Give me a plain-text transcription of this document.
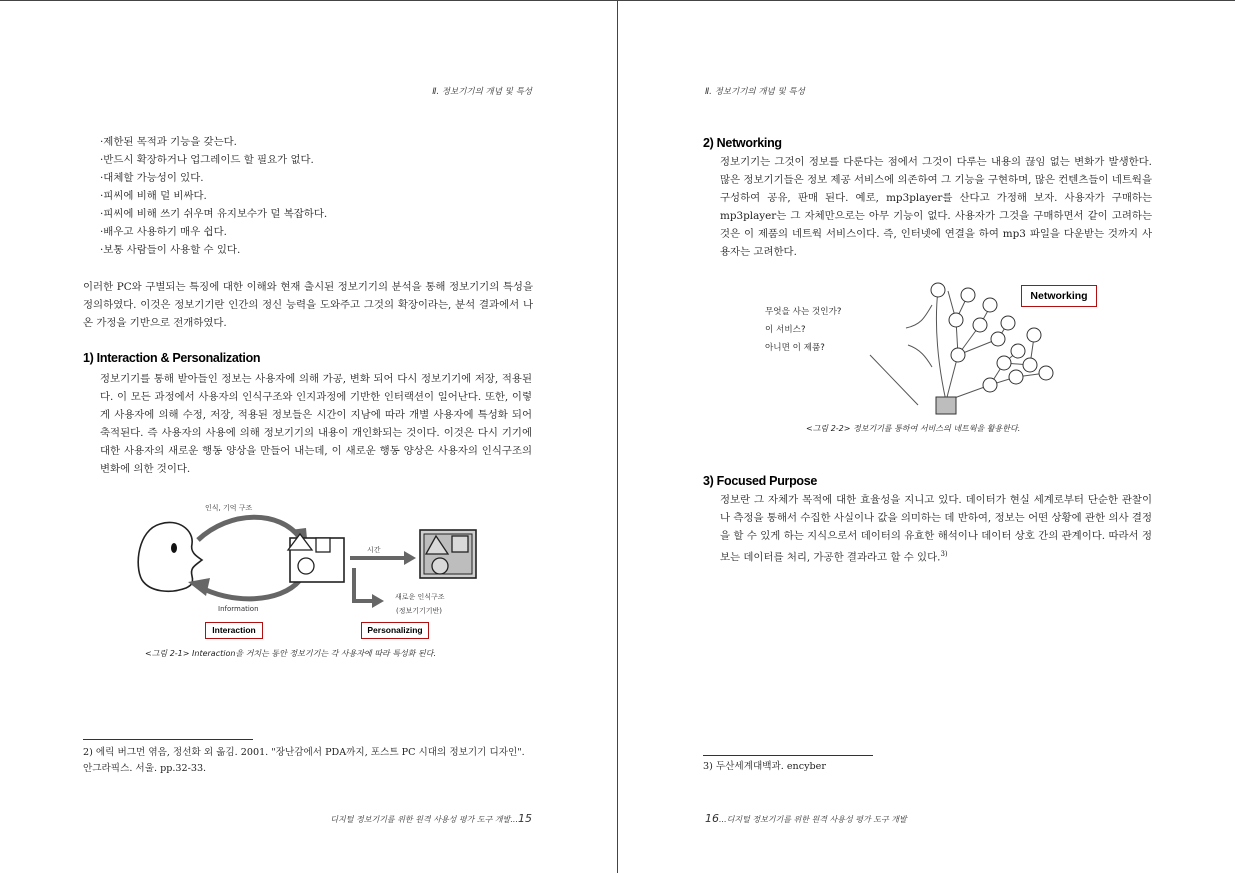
Ⅱ. 정보기기의 개념 및 특성
·제한된 목적과 기능을 갖는다.
·반드시 확장하거나 업그레이드 할 필요가 없다.
·대체할 가능성이 있다.
·피씨에 비해 덜 비싸다.
·피씨에 비해 쓰기 쉬우며 유지보수가 덜 복잡하다.
·배우고 사용하기 매우 쉽다.
·보통 사람들이 사용할 수 있다.
이러한 PC와 구별되는 특징에 대한 이해와 현재 출시된 정보기기의 분석을 통해 정보기기의 특성을 정의하였다. 이것은 정보기기란 인간의 정신 능력을 도와주고 그것의 확장이라는, 분석 결과에서 나온 가정을 기반으로 전개하였다.
1) Interaction & Personalization
정보기기를 통해 받아들인 정보는 사용자에 의해 가공, 변화 되어 다시 정보기기에 저장, 적용된다. 이 모든 과정에서 사용자의 인식구조와 인지과정에 기반한 인터랙션이 일어난다. 또한, 이렇게 사용자에 의해 수정, 저장, 적용된 정보들은 시간이 지남에 따라 개별 사용자에 특성화 되어 축적된다. 즉 사용자의 사용에 의해 정보기기의 내용이 개인화되는 것이다. 이것은 다시 기기에 대한 사용자의 새로운 행동 양상을 만들어 내는데, 이 새로운 행동 양상은 사용자의 인식구조의 변화에 의한 것이다.
인식, 기억 구조
Information
시간
새로운 인식구조
(정보기기기반)
Interaction	Personalizing
<그림 2-1> Interaction을 거치는 동안 정보기기는 각 사용자에 따라 특성화 된다.
2) 에릭 버그먼 엮음, 정선화 외 옮김. 2001. "장난감에서 PDA까지, 포스트 PC 시대의 정보기기 디자인". 안그라픽스. 서울. pp.32-33.
디지털 정보기기를 위한 원격 사용성 평가 도구 개발...15
Ⅱ. 정보기기의 개념 및 특성
2) Networking
정보기기는 그것이 정보를 다룬다는 점에서 그것이 다루는 내용의 끊임 없는 변화가 발생한다. 많은 정보기기들은 정보 제공 서비스에 의존하여 그 기능을 구현하며, 많은 컨텐츠들이 네트웍을 구성하여 공유, 판매 된다. 예로, mp3player를 산다고 가정해 보자. 사용자가 구매하는 mp3player는 그 자체만으로는 아무 기능이 없다. 사용자가 그것을 구매하면서 같이 고려하는 것은 이 제품의 네트웍 서비스이다. 즉, 인터넷에 연결을 하여 mp3 파일을 다운받는 것까지 사용자는 고려한다.
무엇을 사는 것인가?
이 서비스?
아니면 이 제품?
Networking
<그림 2-2> 정보기기를 통하여 서비스의 네트웍을 활용한다.
3) Focused Purpose
정보란 그 자체가 목적에 대한 효율성을 지니고 있다. 데이터가 현실 세계로부터 단순한 관찰이나 측정을 통해서 수집한 사실이나 값을 의미하는 데 반하여, 정보는 어떤 상황에 관한 의사 결정을 할 수 있게 하는 지식으로서 데이터의 유효한 해석이나 데이터 상호 간의 관계이다. 따라서 정보는 데이터를 처리, 가공한 결과라고 할 수 있다.$^{3)}$
3) 두산세계대백과. encyber
16...디지털 정보기기를 위한 원격 사용성 평가 도구 개발
